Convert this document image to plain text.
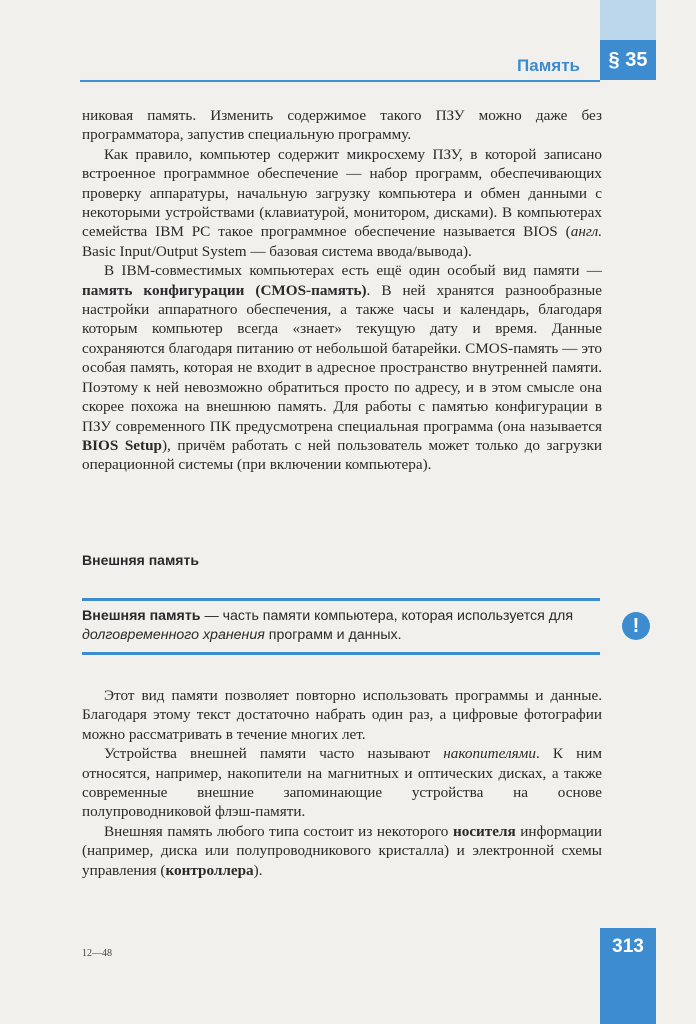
Память	§ 35

никовая память. Изменить содержимое такого ПЗУ можно даже без программатора, запустив специальную программу.

Как правило, компьютер содержит микросхему ПЗУ, в которой записано встроенное программное обеспечение — набор программ, обеспечивающих проверку аппаратуры, начальную загрузку компьютера и обмен данными с некоторыми устройствами (клавиатурой, монитором, дисками). В компьютерах семейства IBM PC такое программное обеспечение называется BIOS (англ. Basic Input/Output System — базовая система ввода/вывода).

В IBM-совместимых компьютерах есть ещё один особый вид памяти — память конфигурации (CMOS-память). В ней хранятся разнообразные настройки аппаратного обеспечения, а также часы и календарь, благодаря которым компьютер всегда «знает» текущую дату и время. Данные сохраняются благодаря питанию от небольшой батарейки. CMOS-память — это особая память, которая не входит в адресное пространство внутренней памяти. Поэтому к ней невозможно обратиться просто по адресу, и в этом смысле она скорее похожа на внешнюю память. Для работы с памятью конфигурации в ПЗУ современного ПК предусмотрена специальная программа (она называется BIOS Setup), причём работать с ней пользователь может только до загрузки операционной системы (при включении компьютера).

Внешняя память
Внешняя память — часть памяти компьютера, которая используется для долговременного хранения программ и данных.	!

Этот вид памяти позволяет повторно использовать программы и данные. Благодаря этому текст достаточно набрать один раз, а цифровые фотографии можно рассматривать в течение многих лет.

Устройства внешней памяти часто называют накопителями. К ним относятся, например, накопители на магнитных и оптических дисках, а также современные внешние запоминающие устройства на основе полупроводниковой флэш-памяти.

Внешняя память любого типа состоит из некоторого носителя информации (например, диска или полупроводникового кристалла) и электронной схемы управления (контроллера).

12—48	313
